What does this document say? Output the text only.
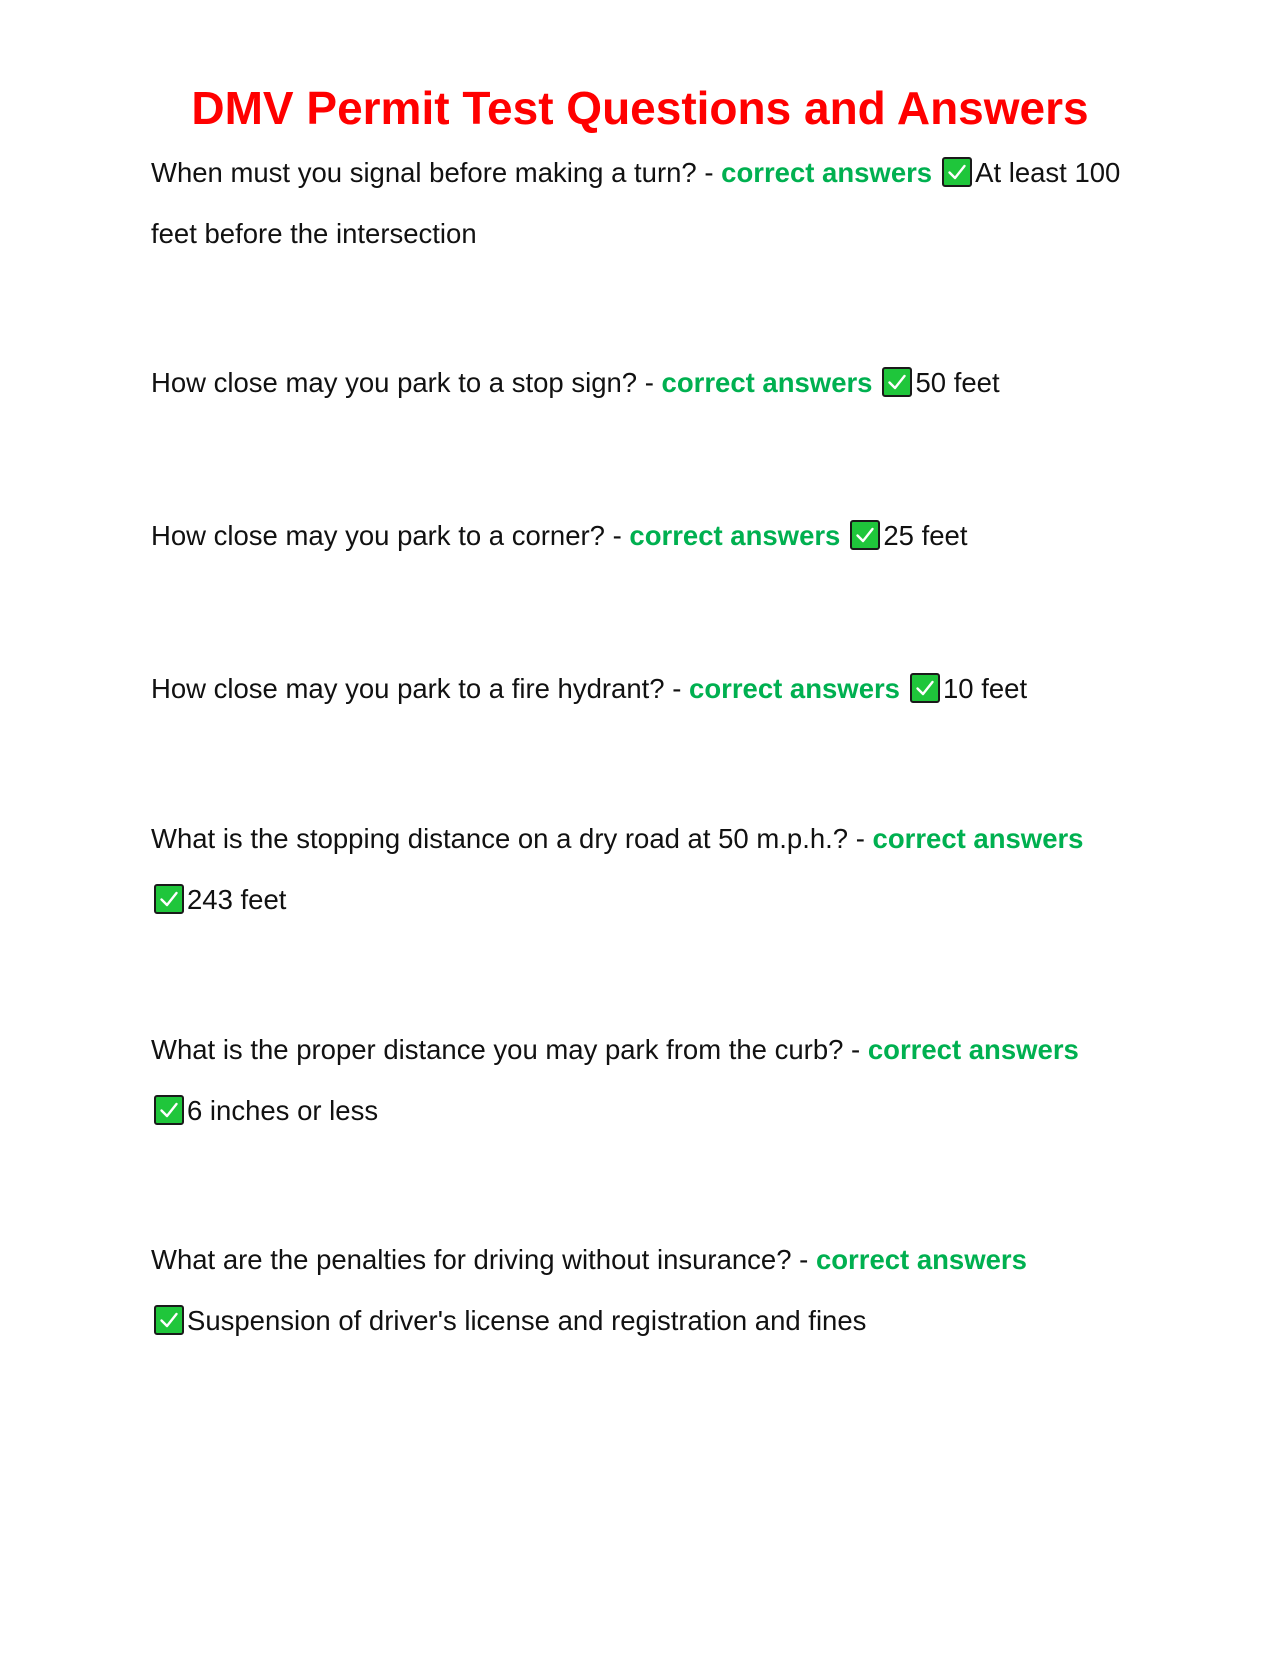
DMV Permit Test Questions and Answers
When must you signal before making a turn? - correct answers At least 100 feet before the intersection
How close may you park to a stop sign? - correct answers 50 feet
How close may you park to a corner? - correct answers 25 feet
How close may you park to a fire hydrant? - correct answers 10 feet
What is the stopping distance on a dry road at 50 m.p.h.? - correct answers

243 feet
What is the proper distance you may park from the curb? - correct answers

6 inches or less
What are the penalties for driving without insurance? - correct answers

Suspension of driver's license and registration and fines
